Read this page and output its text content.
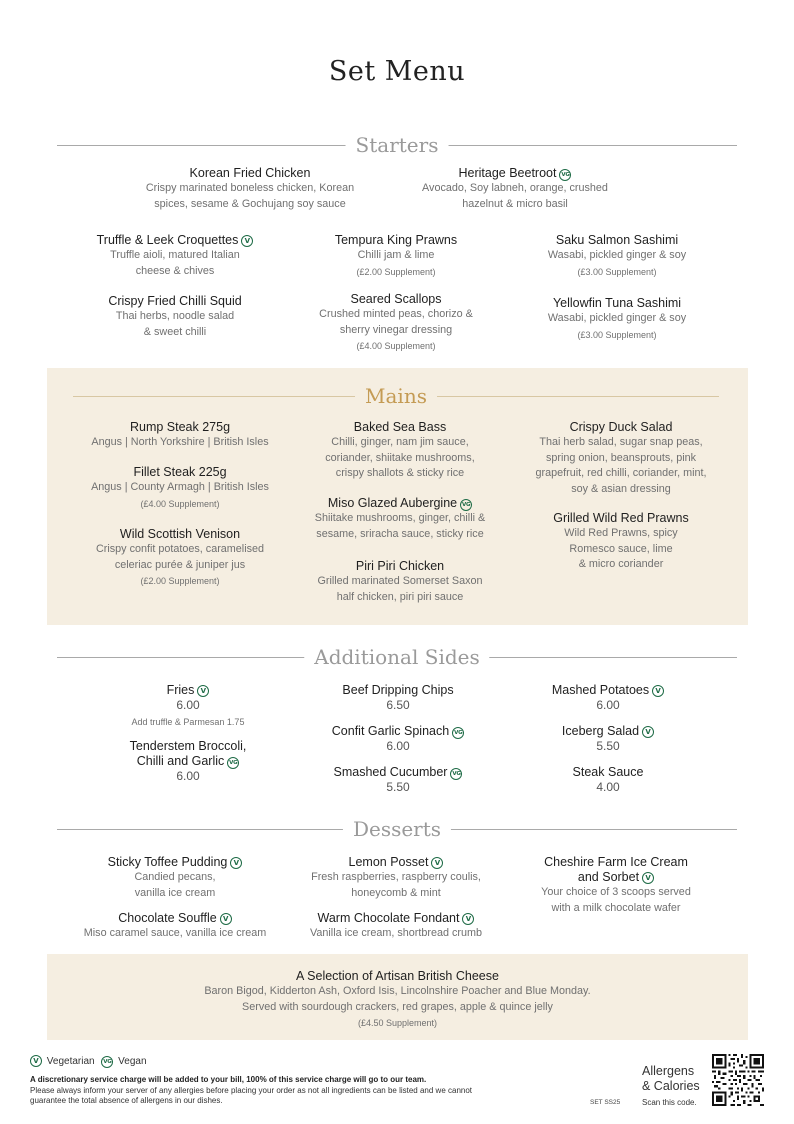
Set Menu
Starters
Korean Fried Chicken
Crispy marinated boneless chicken, Korean
spices, sesame & Gochujang soy sauce
Heritage Beetroot VG
Avocado, Soy labneh, orange, crushed
hazelnut & micro basil
Truffle & Leek Croquettes V
Truffle aioli, matured Italian
cheese & chives
Tempura King Prawns
Chilli jam & lime
(£2.00 Supplement)
Saku Salmon Sashimi
Wasabi, pickled ginger & soy
(£3.00 Supplement)
Crispy Fried Chilli Squid
Thai herbs, noodle salad
& sweet chilli
Seared Scallops
Crushed minted peas, chorizo &
sherry vinegar dressing
(£4.00 Supplement)
Yellowfin Tuna Sashimi
Wasabi, pickled ginger & soy
(£3.00 Supplement)
Mains
Rump Steak 275g
Angus | North Yorkshire | British Isles
Fillet Steak 225g
Angus | County Armagh | British Isles
(£4.00 Supplement)
Wild Scottish Venison
Crispy confit potatoes, caramelised
celeriac purée & juniper jus
(£2.00 Supplement)
Baked Sea Bass
Chilli, ginger, nam jim sauce,
coriander, shiitake mushrooms,
crispy shallots & sticky rice
Miso Glazed Aubergine VG
Shiitake mushrooms, ginger, chilli &
sesame, sriracha sauce, sticky rice
Piri Piri Chicken
Grilled marinated Somerset Saxon
half chicken, piri piri sauce
Crispy Duck Salad
Thai herb salad, sugar snap peas,
spring onion, beansprouts, pink
grapefruit, red chilli, coriander, mint,
soy & asian dressing
Grilled Wild Red Prawns
Wild Red Prawns, spicy
Romesco sauce, lime
& micro coriander
Additional Sides
Fries V
6.00
Add truffle & Parmesan 1.75
Tenderstem Broccoli,
Chilli and Garlic VG
6.00
Beef Dripping Chips
6.50
Confit Garlic Spinach VG
6.00
Smashed Cucumber VG
5.50
Mashed Potatoes V
6.00
Iceberg Salad V
5.50
Steak Sauce
4.00
Desserts
Sticky Toffee Pudding V
Candied pecans,
vanilla ice cream
Chocolate Souffle V
Miso caramel sauce, vanilla ice cream
Lemon Posset V
Fresh raspberries, raspberry coulis,
honeycomb & mint
Warm Chocolate Fondant V
Vanilla ice cream, shortbread crumb
Cheshire Farm Ice Cream
and Sorbet V
Your choice of 3 scoops served
with a milk chocolate wafer
A Selection of Artisan British Cheese
Baron Bigod, Kidderton Ash, Oxford Isis, Lincolnshire Poacher and Blue Monday.
Served with sourdough crackers, red grapes, apple & quince jelly
(£4.50 Supplement)
V Vegetarian VG Vegan
A discretionary service charge will be added to your bill, 100% of this service charge will go to our team.
Please always inform your server of any allergies before placing your order as not all ingredients can be listed and we cannot guarantee the total absence of allergens in our dishes.	SET SS25
Allergens
& Calories
Scan this code.
